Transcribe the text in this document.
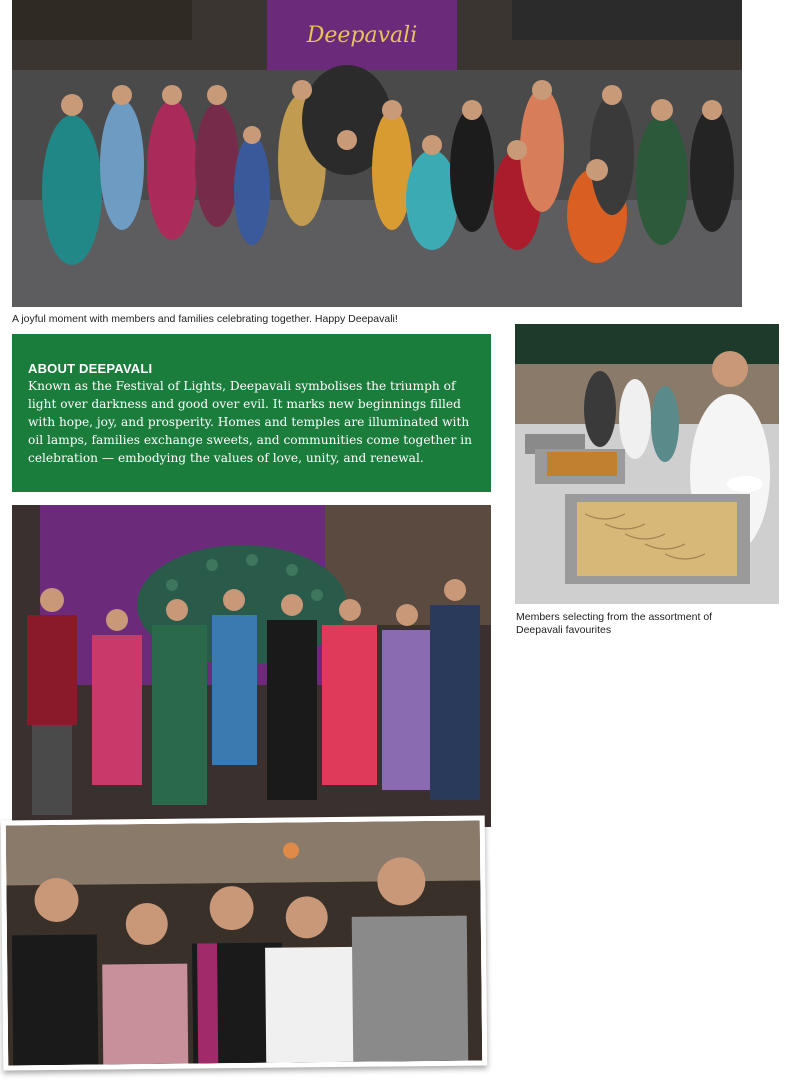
Deepavali
A joyful moment with members and families celebrating together. Happy Deepavali!
ABOUT DEEPAVALI
Known as the Festival of Lights, Deepavali symbolises the triumph of light over darkness and good over evil. It marks new beginnings filled with hope, joy, and prosperity. Homes and temples are illuminated with oil lamps, families exchange sweets, and communities come together in celebration — embodying the values of love, unity, and renewal.
Members selecting from the assortment of Deepavali favourites
